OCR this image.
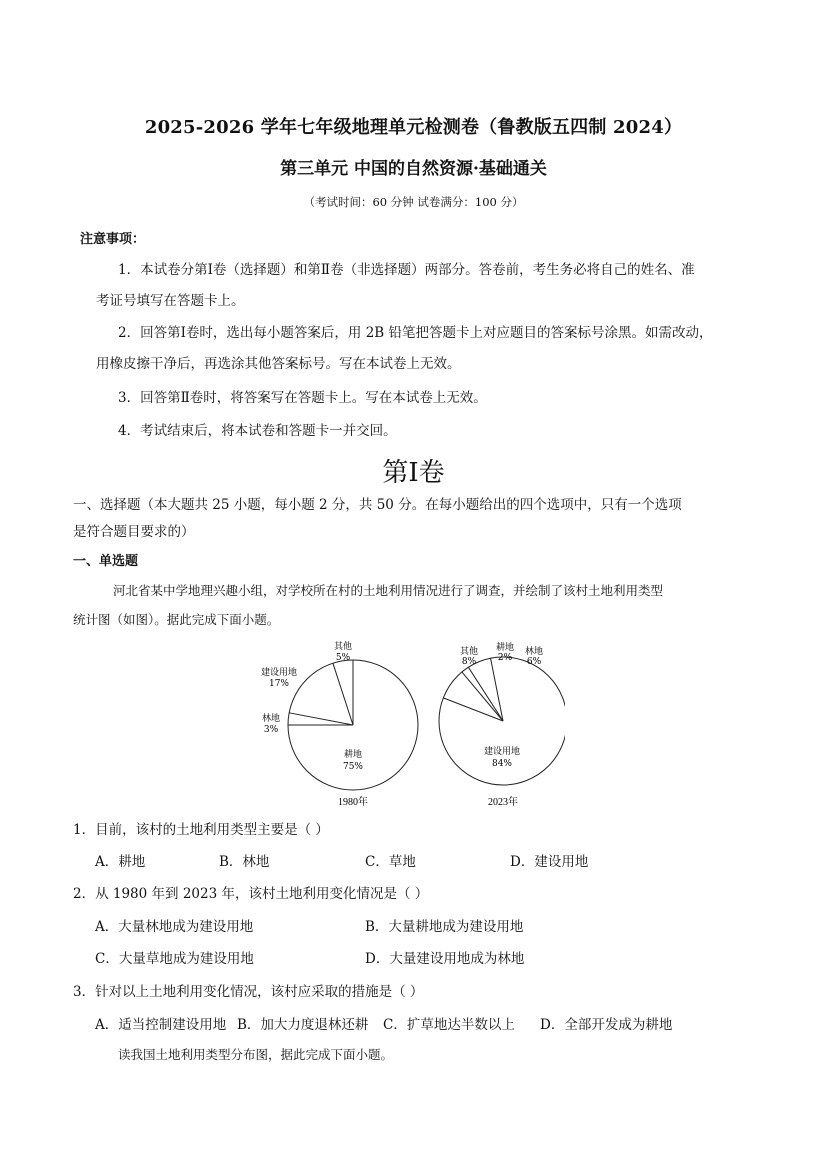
2025-2026 学年七年级地理单元检测卷（鲁教版五四制 2024）
第三单元 中国的自然资源·基础通关
（考试时间：60 分钟 试卷满分：100 分）
注意事项：
1．本试卷分第Ⅰ卷（选择题）和第Ⅱ卷（非选择题）两部分。答卷前，考生务必将自己的姓名、准
考证号填写在答题卡上。
2．回答第Ⅰ卷时，选出每小题答案后，用 2B 铅笔把答题卡上对应题目的答案标号涂黑。如需改动，
用橡皮擦干净后，再选涂其他答案标号。写在本试卷上无效。
3．回答第Ⅱ卷时，将答案写在答题卡上。写在本试卷上无效。
4．考试结束后，将本试卷和答题卡一并交回。
第Ⅰ卷
一、选择题（本大题共 25 小题，每小题 2 分，共 50 分。在每小题给出的四个选项中，只有一个选项
是符合题目要求的）
一、单选题
河北省某中学地理兴趣小组，对学校所在村的土地利用情况进行了调查，并绘制了该村土地利用类型
统计图（如图）。据此完成下面小题。
1980年	2023年
耕地
75%
林地
3%
建设用地
17%
其他
5%
耕地
2%
林地
6%
建设用地
84%
其他
8%
1．目前，该村的土地利用类型主要是（ ）
A．耕地	B．林地	C．草地	D．建设用地
2．从 1980 年到 2023 年，该村土地利用变化情况是（ ）
A．大量林地成为建设用地	B．大量耕地成为建设用地
C．大量草地成为建设用地	D．大量建设用地成为林地
3．针对以上土地利用变化情况，该村应采取的措施是（ ）
A．适当控制建设用地 B．加大力度退林还耕 C．扩草地达半数以上 D．全部开发成为耕地
读我国土地利用类型分布图，据此完成下面小题。
